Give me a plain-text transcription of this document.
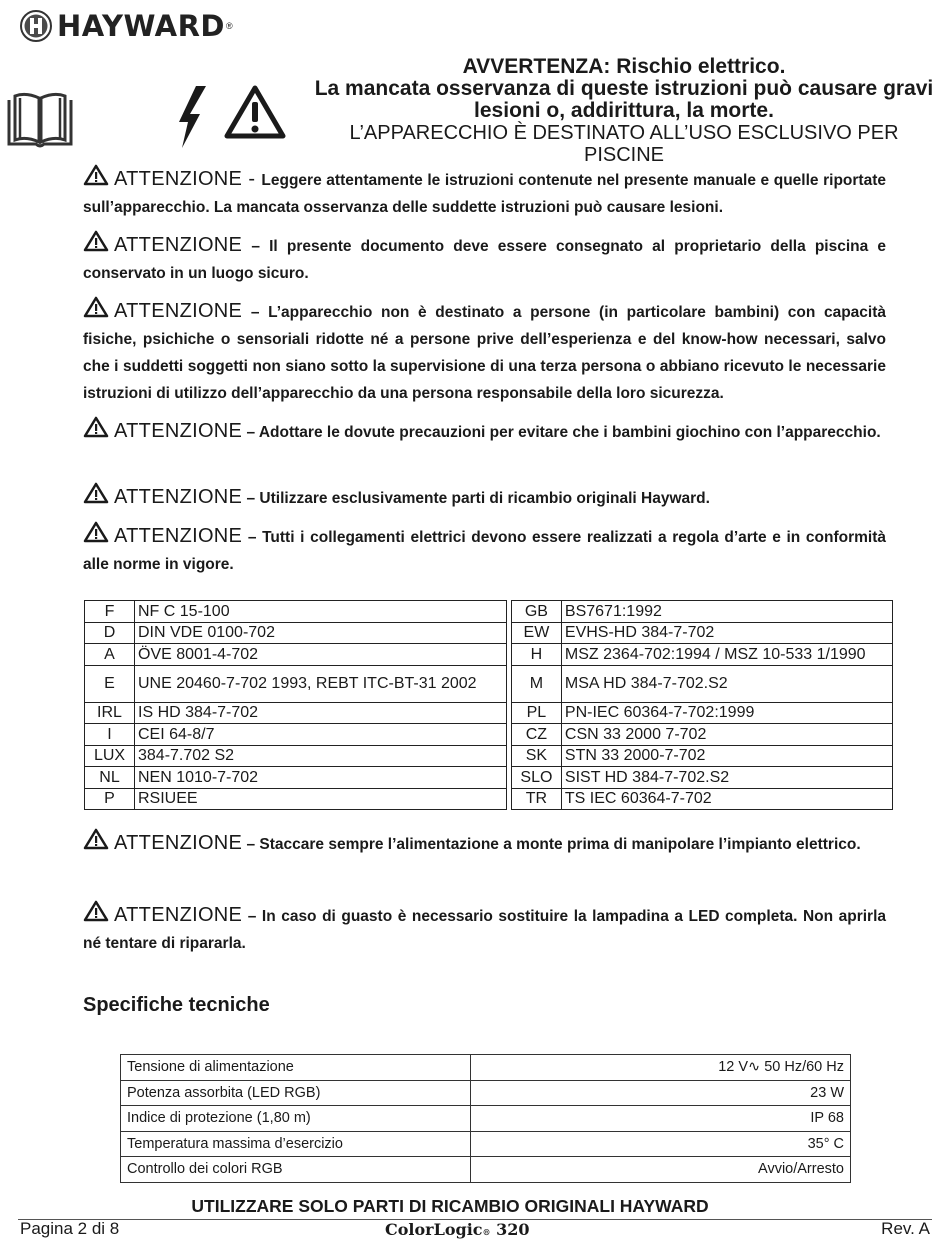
HAYWARD ®
AVVERTENZA: Rischio elettrico.
La mancata osservanza di queste istruzioni può causare gravi lesioni o, addirittura, la morte.
L’APPARECCHIO È DESTINATO ALL’USO ESCLUSIVO PER PISCINE
ATTENZIONE - Leggere attentamente le istruzioni contenute nel presente manuale e quelle riportate sull’apparecchio. La mancata osservanza delle suddette istruzioni può causare lesioni.
ATTENZIONE – Il presente documento deve essere consegnato al proprietario della piscina e conservato in un luogo sicuro.
ATTENZIONE – L’apparecchio non è destinato a persone (in particolare bambini) con capacità fisiche, psichiche o sensoriali ridotte né a persone prive dell’esperienza e del know-how necessari, salvo che i suddetti soggetti non siano sotto la supervisione di una terza persona o abbiano ricevuto le necessarie istruzioni di utilizzo dell’apparecchio da una persona responsabile della loro sicurezza.
ATTENZIONE – Adottare le dovute precauzioni per evitare che i bambini giochino con l’apparecchio.
ATTENZIONE – Utilizzare esclusivamente parti di ricambio originali Hayward.
ATTENZIONE – Tutti i collegamenti elettrici devono essere realizzati a regola d’arte e in conformità alle norme in vigore.
F	NF C 15-100		GB	BS7671:1992
D	DIN VDE 0100-702		EW	EVHS-HD 384-7-702
A	ÖVE 8001-4-702		H	MSZ 2364-702:1994 / MSZ 10-533 1/1990
E	UNE 20460-7-702 1993, REBT ITC-BT-31 2002		M	MSA HD 384-7-702.S2
IRL	IS HD 384-7-702		PL	PN-IEC 60364-7-702:1999
I	CEI 64-8/7		CZ	CSN 33 2000 7-702
LUX	384-7.702 S2		SK	STN 33 2000-7-702
NL	NEN 1010-7-702		SLO	SIST HD 384-7-702.S2
P	RSIUEE		TR	TS IEC 60364-7-702
ATTENZIONE – Staccare sempre l’alimentazione a monte prima di manipolare l’impianto elettrico.
ATTENZIONE – In caso di guasto è necessario sostituire la lampadina a LED completa. Non aprirla né tentare di ripararla.
Specifiche tecniche
Tensione di alimentazione	12 V∿ 50 Hz/60 Hz
Potenza assorbita (LED RGB)	23 W
Indice di protezione (1,80 m)	IP 68
Temperatura massima d’esercizio	35° C
Controllo dei colori RGB	Avvio/Arresto
UTILIZZARE SOLO PARTI DI RICAMBIO ORIGINALI HAYWARD
Pagina 2 di 8	ColorLogic® 320	Rev. A
